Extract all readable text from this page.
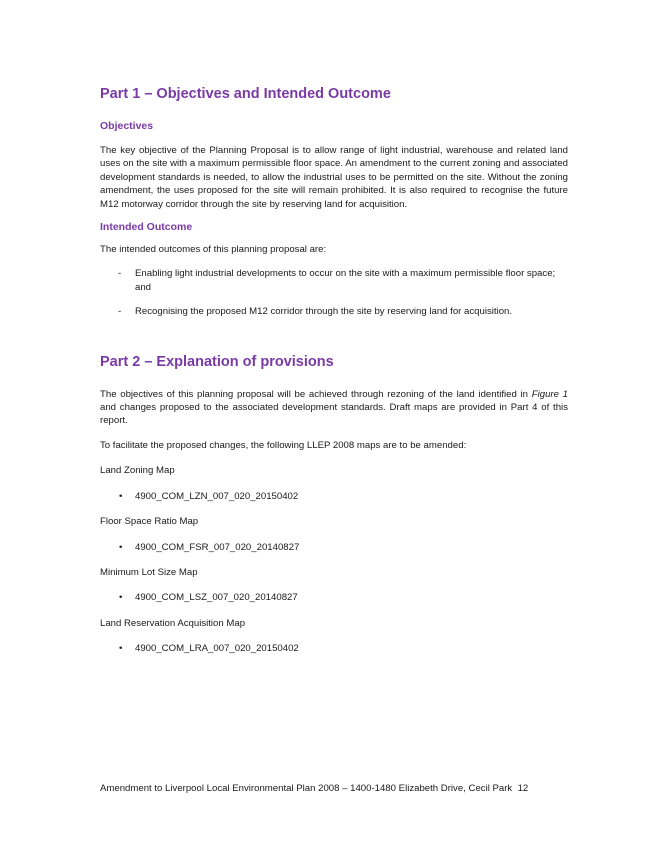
Part 1 – Objectives and Intended Outcome
Objectives

The key objective of the Planning Proposal is to allow range of light industrial, warehouse and related land uses on the site with a maximum permissible floor space. An amendment to the current zoning and associated development standards is needed, to allow the industrial uses to be permitted on the site. Without the zoning amendment, the uses proposed for the site will remain prohibited. It is also required to recognise the future M12 motorway corridor through the site by reserving land for acquisition.

Intended Outcome

The intended outcomes of this planning proposal are:

- Enabling light industrial developments to occur on the site with a maximum permissible floor space; and
- Recognising the proposed M12 corridor through the site by reserving land for acquisition.
Part 2 – Explanation of provisions

The objectives of this planning proposal will be achieved through rezoning of the land identified in Figure 1 and changes proposed to the associated development standards. Draft maps are provided in Part 4 of this report.

To facilitate the proposed changes, the following LLEP 2008 maps are to be amended:

Land Zoning Map

• 4900_COM_LZN_007_020_20150402

Floor Space Ratio Map

• 4900_COM_FSR_007_020_20140827

Minimum Lot Size Map

• 4900_COM_LSZ_007_020_20140827

Land Reservation Acquisition Map

• 4900_COM_LRA_007_020_20150402
Amendment to Liverpool Local Environmental Plan 2008 – 1400-1480 Elizabeth Drive, Cecil Park 12
